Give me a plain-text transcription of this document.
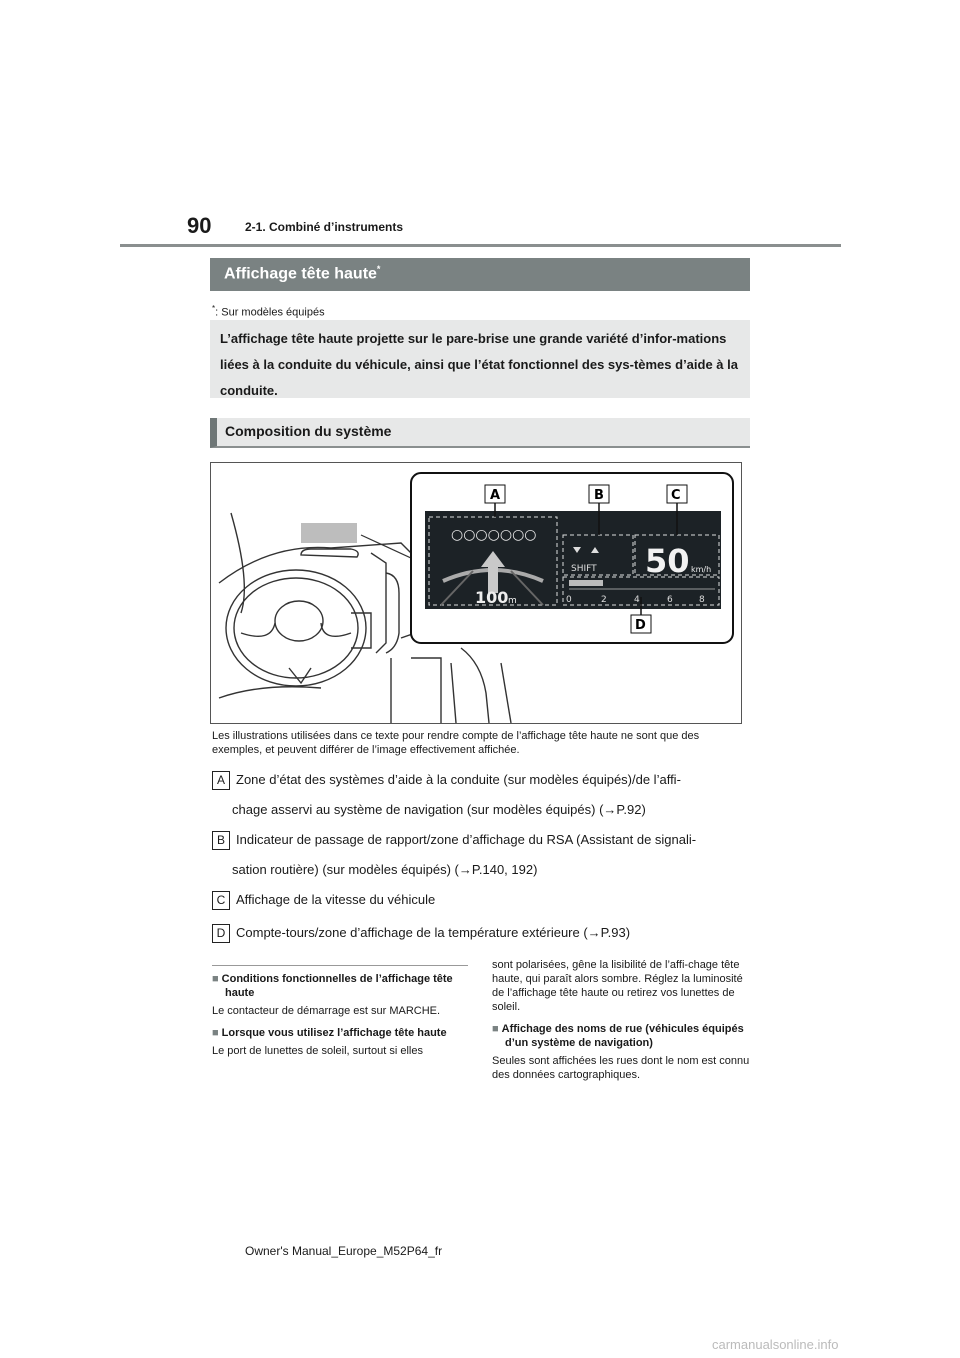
90	2-1. Combiné d’instruments
Affichage tête haute*
*: Sur modèles équipés
L’affichage tête haute projette sur le pare-brise une grande variété d’infor-mations liées à la conduite du véhicule, ainsi que l’état fonctionnel des sys-tèmes d’aide à la conduite.
Composition du système
○○○○○○○
100 m
SHIFT 50 km/h
0	2	4	6	8
A	B	C
D
Les illustrations utilisées dans ce texte pour rendre compte de l’affichage tête haute ne sont que des exemples, et peuvent différer de l’image effectivement affichée.
A Zone d’état des systèmes d’aide à la conduite (sur modèles équipés)/de l’affi-
chage asservi au système de navigation (sur modèles équipés) (→P.92)
B Indicateur de passage de rapport/zone d’affichage du RSA (Assistant de signali-
sation routière) (sur modèles équipés) (→P.140, 192)
C Affichage de la vitesse du véhicule
D Compte-tours/zone d’affichage de la température extérieure (→P.93)
■ Conditions fonctionnelles de l’affichage tête haute
Le contacteur de démarrage est sur MARCHE.
■ Lorsque vous utilisez l’affichage tête haute
Le port de lunettes de soleil, surtout si elles
sont polarisées, gêne la lisibilité de l’affi-chage tête haute, qui paraît alors sombre. Réglez la luminosité de l’affichage tête haute ou retirez vos lunettes de soleil.
■ Affichage des noms de rue (véhicules équipés d’un système de navigation)
Seules sont affichées les rues dont le nom est connu des données cartographiques.
Owner's Manual_Europe_M52P64_fr
carmanualsonline.info
